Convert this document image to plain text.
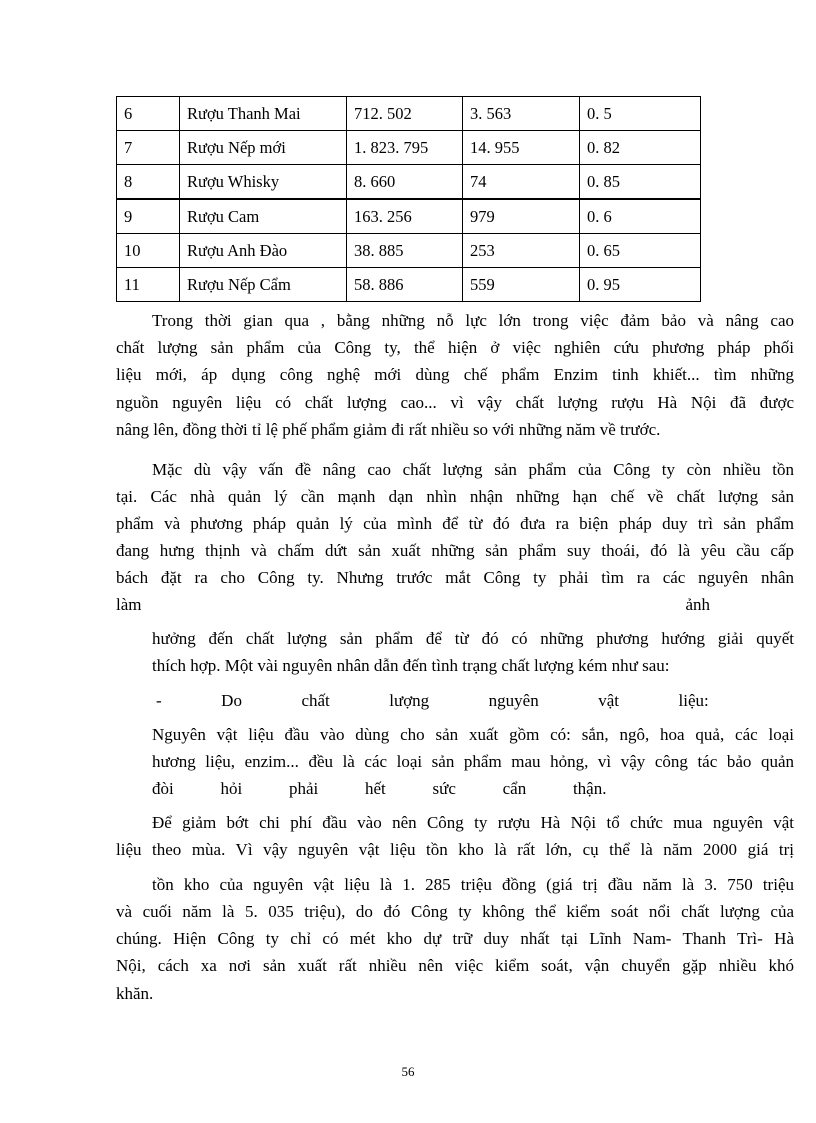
6	Rượu Thanh Mai	712. 502	3. 563	0. 5
7	Rượu Nếp mới	1. 823. 795	14. 955	0. 82
8	Rượu Whisky	8. 660	74	0. 85
9	Rượu Cam	163. 256	979	0. 6
10	Rượu Anh Đào	38. 885	253	0. 65
11	Rượu Nếp Cẩm	58. 886	559	0. 95
Trong thời gian qua , bằng những nỗ lực lớn trong việc đảm bảo và nâng cao
chất lượng sản phẩm của Công ty, thể hiện ở việc nghiên cứu phương pháp phối
liệu mới, áp dụng công nghệ mới dùng chế phẩm Enzim tinh khiết... tìm những
nguồn nguyên liệu có chất lượng cao... vì vậy chất lượng rượu Hà Nội đã được
nâng lên, đồng thời tỉ lệ phế phẩm giảm đi rất nhiều so với những năm về trước.
Mặc dù vậy vấn đề nâng cao chất lượng sản phẩm của Công ty còn nhiều tồn
tại. Các nhà quản lý cần mạnh dạn nhìn nhận những hạn chế về chất lượng sản
phẩm và phương pháp quản lý của mình để từ đó đưa ra biện pháp duy trì sản phẩm
đang hưng thịnh và chấm dứt sản xuất những sản phẩm suy thoái, đó là yêu cầu cấp
bách đặt ra cho Công ty. Nhưng trước mắt Công ty phải tìm ra các nguyên nhân
làm                                                                                                                                ảnh
hưởng đến chất lượng sản phẩm để từ đó có những phương hướng giải quyết
thích hợp. Một vài nguyên nhân dẫn đến tình trạng chất lượng kém như sau:
-              Do              chất              lượng              nguyên              vật              liệu:
Nguyên vật liệu đầu vào dùng cho sản xuất gồm có: sắn, ngô, hoa quả, các loại
hương liệu, enzim... đều là các loại sản phẩm mau hỏng, vì vậy công tác bảo quản
đòi           hỏi           phải           hết           sức           cẩn           thận.
Để giảm bớt chi phí đầu vào nên Công ty rượu Hà Nội tổ chức mua nguyên vật
liệu theo mùa. Vì vậy nguyên vật liệu tồn kho là rất lớn, cụ thể là năm 2000 giá trị
tồn kho của nguyên vật liệu là 1. 285 triệu đồng (giá trị đầu năm là 3. 750 triệu
và cuối năm là 5. 035 triệu), do đó Công ty không thể kiểm soát nổi chất lượng của
chúng. Hiện Công ty chỉ có mét kho dự trữ duy nhất tại Lĩnh Nam- Thanh Trì- Hà
Nội, cách xa nơi sản xuất rất nhiều nên việc kiểm soát, vận chuyển gặp nhiều khó
khăn.
56
